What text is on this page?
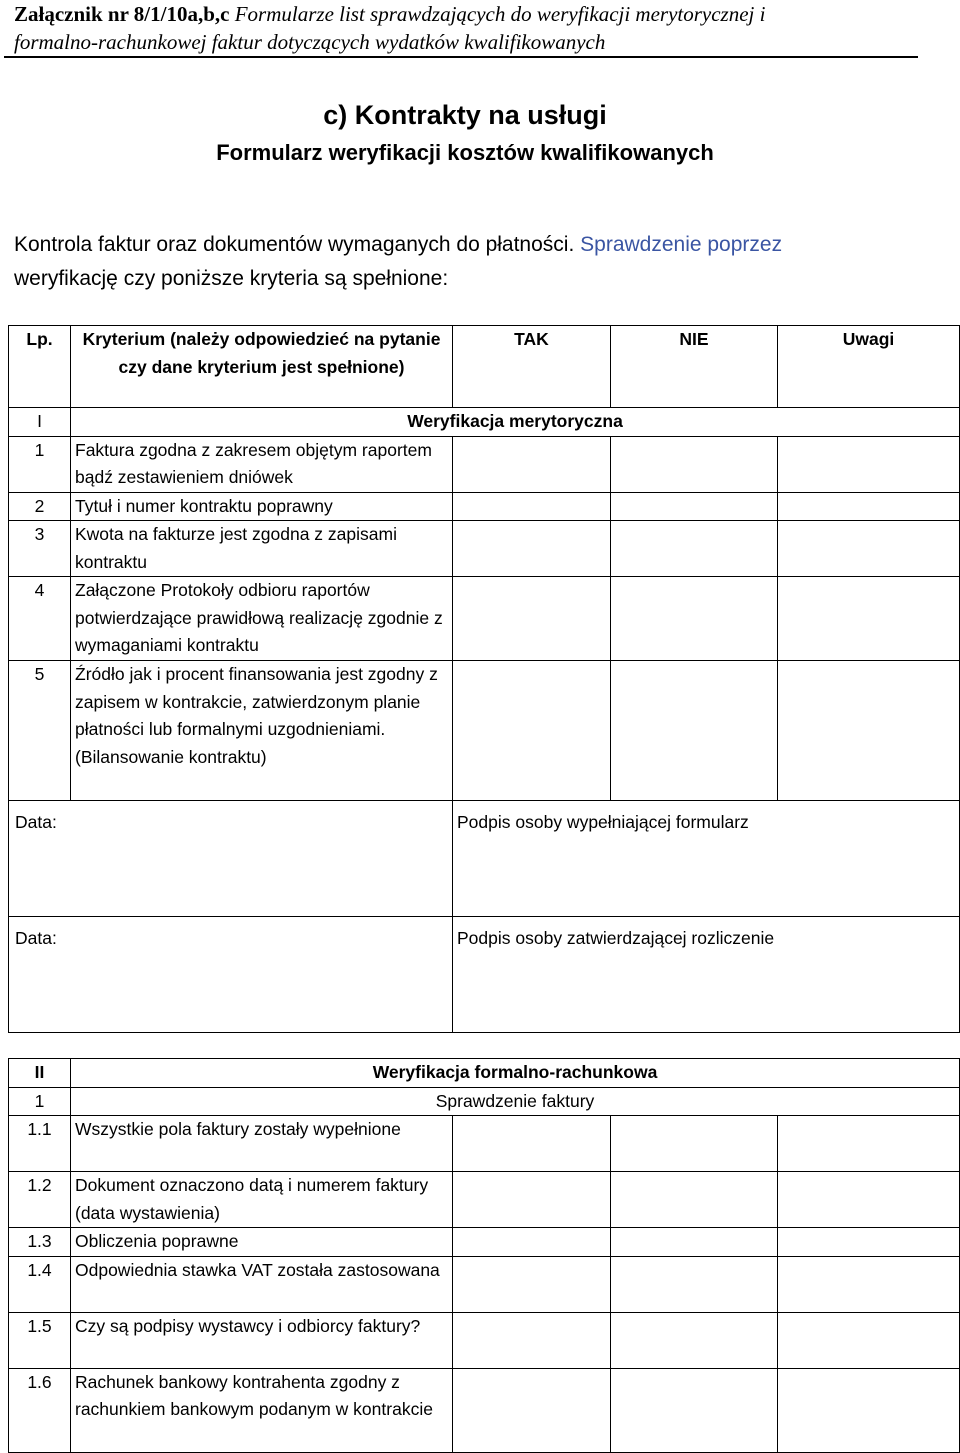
Załącznik nr 8/1/10a,b,c Formularze list sprawdzających do weryfikacji merytorycznej i
formalno-rachunkowej faktur dotyczących wydatków kwalifikowanych
c) Kontrakty na usługi
Formularz weryfikacji kosztów kwalifikowanych
Kontrola faktur oraz dokumentów wymaganych do płatności. Sprawdzenie poprzez
weryfikację czy poniższe kryteria są spełnione:
Lp.	Kryterium (należy odpowiedzieć na pytanie czy dane kryterium jest spełnione)	TAK	NIE	Uwagi
I	Weryfikacja merytoryczna			
1	Faktura zgodna z zakresem objętym raportem bądź zestawieniem dniówek			
2	Tytuł i numer kontraktu poprawny			
3	Kwota na fakturze jest zgodna z zapisami kontraktu			
4	Załączone Protokoły odbioru raportów potwierdzające prawidłową realizację zgodnie z wymaganiami kontraktu			
5	Źródło jak i procent finansowania jest zgodny z zapisem w kontrakcie, zatwierdzonym planie płatności lub formalnymi uzgodnieniami. (Bilansowanie kontraktu)			
Data:		Podpis osoby wypełniającej formularz		
Data:		Podpis osoby zatwierdzającej rozliczenie		
II	Weryfikacja formalno-rachunkowa			
1	Sprawdzenie faktury			
1.1	Wszystkie pola faktury zostały wypełnione			
1.2	Dokument oznaczono datą i numerem faktury (data wystawienia)			
1.3	Obliczenia poprawne			
1.4	Odpowiednia stawka VAT została zastosowana			
1.5	Czy są podpisy wystawcy i odbiorcy faktury?			
1.6	Rachunek bankowy kontrahenta zgodny z rachunkiem bankowym podanym w kontrakcie			
